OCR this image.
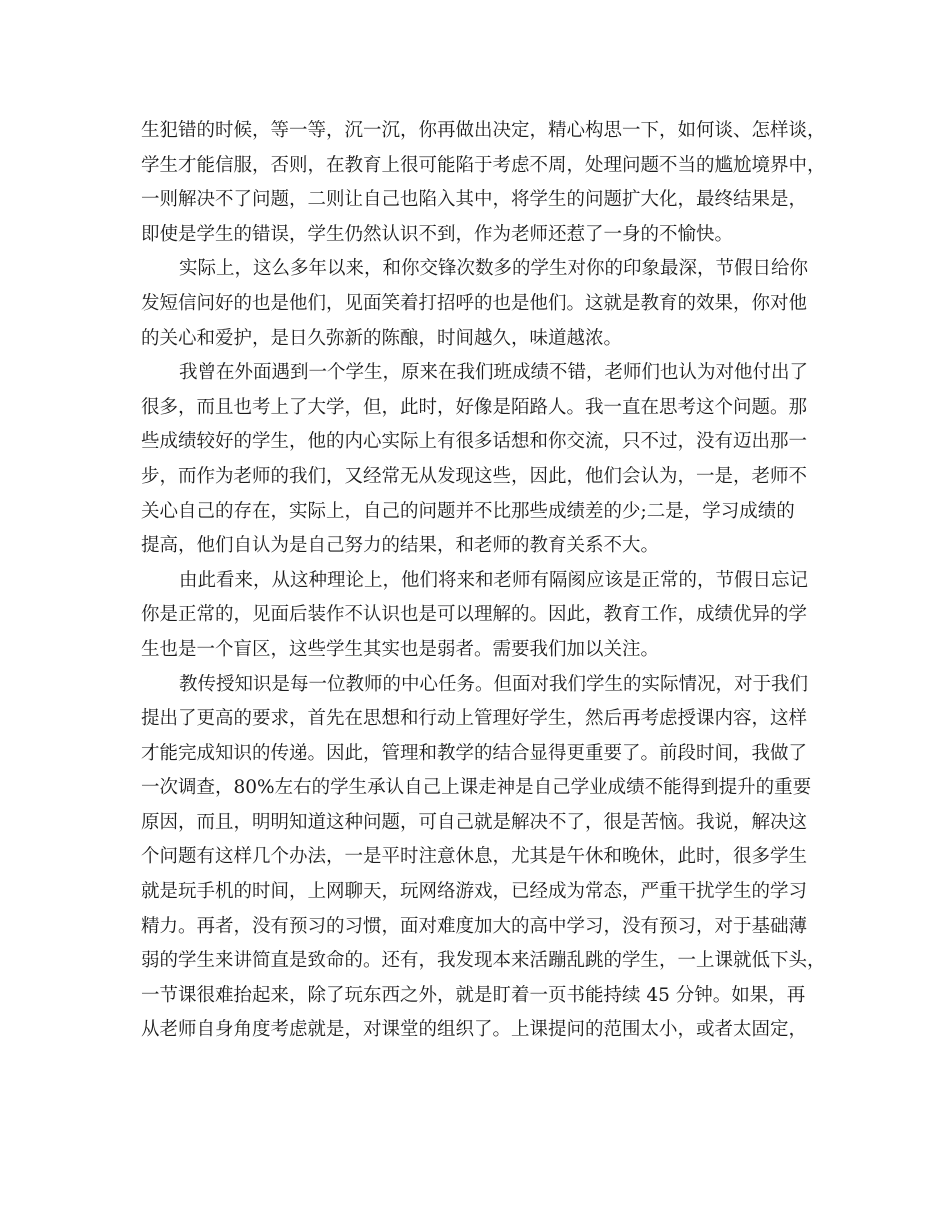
生犯错的时候，等一等，沉一沉，你再做出决定，精心构思一下，如何谈、怎样谈，
学生才能信服，否则，在教育上很可能陷于考虑不周，处理问题不当的尴尬境界中，
一则解决不了问题，二则让自己也陷入其中，将学生的问题扩大化，最终结果是，
即使是学生的错误，学生仍然认识不到，作为老师还惹了一身的不愉快。
实际上，这么多年以来，和你交锋次数多的学生对你的印象最深，节假日给你
发短信问好的也是他们，见面笑着打招呼的也是他们。这就是教育的效果，你对他
的关心和爱护，是日久弥新的陈酿，时间越久，味道越浓。
我曾在外面遇到一个学生，原来在我们班成绩不错，老师们也认为对他付出了
很多，而且也考上了大学，但，此时，好像是陌路人。我一直在思考这个问题。那
些成绩较好的学生，他的内心实际上有很多话想和你交流，只不过，没有迈出那一
步，而作为老师的我们，又经常无从发现这些，因此，他们会认为，一是，老师不
关心自己的存在，实际上，自己的问题并不比那些成绩差的少;二是，学习成绩的
提高，他们自认为是自己努力的结果，和老师的教育关系不大。
由此看来，从这种理论上，他们将来和老师有隔阂应该是正常的，节假日忘记
你是正常的，见面后装作不认识也是可以理解的。因此，教育工作，成绩优异的学
生也是一个盲区，这些学生其实也是弱者。需要我们加以关注。
教传授知识是每一位教师的中心任务。但面对我们学生的实际情况，对于我们
提出了更高的要求，首先在思想和行动上管理好学生，然后再考虑授课内容，这样
才能完成知识的传递。因此，管理和教学的结合显得更重要了。前段时间，我做了
一次调查，80%左右的学生承认自己上课走神是自己学业成绩不能得到提升的重要
原因，而且，明明知道这种问题，可自己就是解决不了，很是苦恼。我说，解决这
个问题有这样几个办法，一是平时注意休息，尤其是午休和晚休，此时，很多学生
就是玩手机的时间，上网聊天，玩网络游戏，已经成为常态，严重干扰学生的学习
精力。再者，没有预习的习惯，面对难度加大的高中学习，没有预习，对于基础薄
弱的学生来讲简直是致命的。还有，我发现本来活蹦乱跳的学生，一上课就低下头，
一节课很难抬起来，除了玩东西之外，就是盯着一页书能持续 45 分钟。如果，再
从老师自身角度考虑就是，对课堂的组织了。上课提问的范围太小，或者太固定，
